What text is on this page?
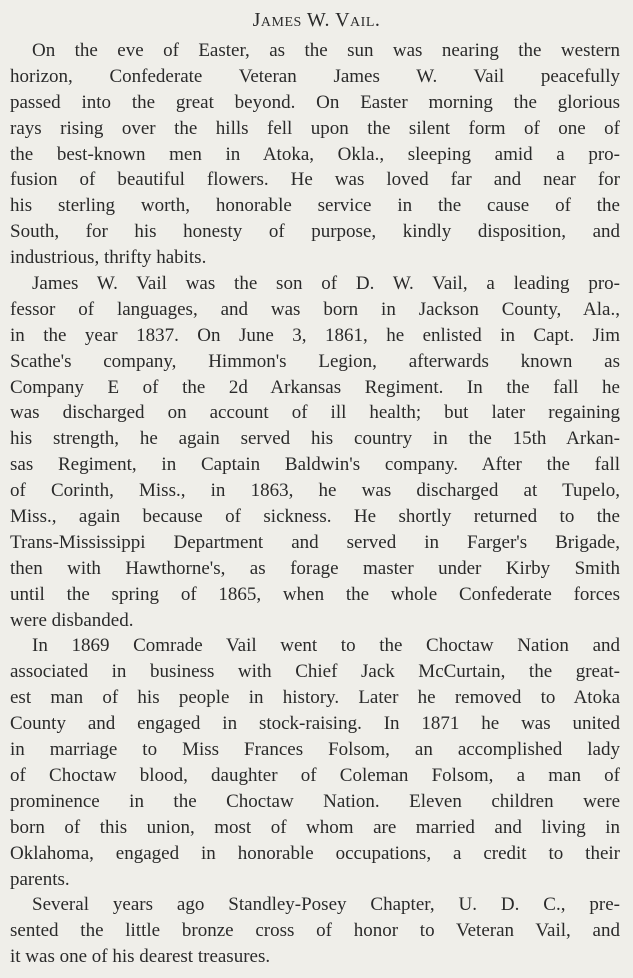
James W. Vail.
On the eve of Easter, as the sun was nearing the western
horizon, Confederate Veteran James W. Vail peacefully
passed into the great beyond. On Easter morning the glorious
rays rising over the hills fell upon the silent form of one of
the best-known men in Atoka, Okla., sleeping amid a pro-
fusion of beautiful flowers. He was loved far and near for
his sterling worth, honorable service in the cause of the
South, for his honesty of purpose, kindly disposition, and
industrious, thrifty habits.
James W. Vail was the son of D. W. Vail, a leading pro-
fessor of languages, and was born in Jackson County, Ala.,
in the year 1837. On June 3, 1861, he enlisted in Capt. Jim
Scathe's company, Himmon's Legion, afterwards known as
Company E of the 2d Arkansas Regiment. In the fall he
was discharged on account of ill health; but later regaining
his strength, he again served his country in the 15th Arkan-
sas Regiment, in Captain Baldwin's company. After the fall
of Corinth, Miss., in 1863, he was discharged at Tupelo,
Miss., again because of sickness. He shortly returned to the
Trans-Mississippi Department and served in Farger's Brigade,
then with Hawthorne's, as forage master under Kirby Smith
until the spring of 1865, when the whole Confederate forces
were disbanded.
In 1869 Comrade Vail went to the Choctaw Nation and
associated in business with Chief Jack McCurtain, the great-
est man of his people in history. Later he removed to Atoka
County and engaged in stock-raising. In 1871 he was united
in marriage to Miss Frances Folsom, an accomplished lady
of Choctaw blood, daughter of Coleman Folsom, a man of
prominence in the Choctaw Nation. Eleven children were
born of this union, most of whom are married and living in
Oklahoma, engaged in honorable occupations, a credit to their
parents.
Several years ago Standley-Posey Chapter, U. D. C., pre-
sented the little bronze cross of honor to Veteran Vail, and
it was one of his dearest treasures.
